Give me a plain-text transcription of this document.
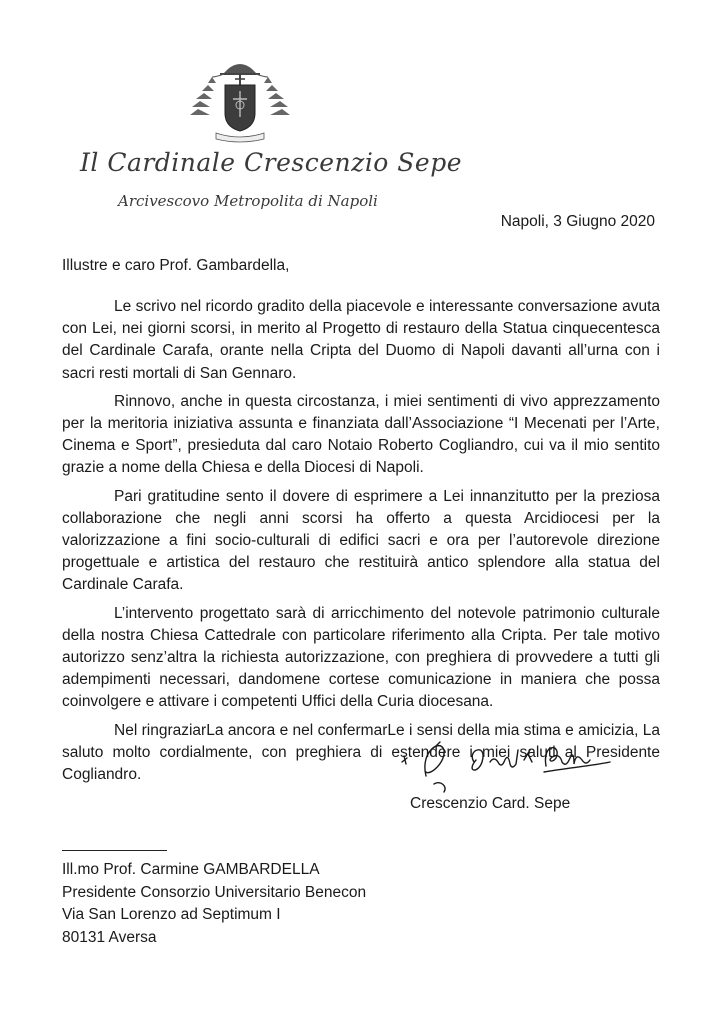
Il Cardinale Crescenzio Sepe
Arcivescovo Metropolita di Napoli
Napoli, 3 Giugno 2020
Illustre e caro Prof. Gambardella,

Le scrivo nel ricordo gradito della piacevole e interessante conversazione avuta con Lei, nei giorni scorsi, in merito al Progetto di restauro della Statua cinquecentesca del Cardinale Carafa, orante nella Cripta del Duomo di Napoli davanti all’urna con i sacri resti mortali di San Gennaro.

Rinnovo, anche in questa circostanza, i miei sentimenti di vivo apprezzamento per la meritoria iniziativa assunta e finanziata dall’Associazione “I Mecenati per l’Arte, Cinema e Sport”, presieduta dal caro Notaio Roberto Cogliandro, cui va il mio sentito grazie a nome della Chiesa e della Diocesi di Napoli.

Pari gratitudine sento il dovere di esprimere a Lei innanzitutto per la preziosa collaborazione che negli anni scorsi ha offerto a questa Arcidiocesi per la valorizzazione a fini socio-culturali di edifici sacri e ora per l’autorevole direzione progettuale e artistica del restauro che restituirà antico splendore alla statua del Cardinale Carafa.

L’intervento progettato sarà di arricchimento del notevole patrimonio culturale della nostra Chiesa Cattedrale con particolare riferimento alla Cripta. Per tale motivo autorizzo senz’altra la richiesta autorizzazione, con preghiera di provvedere a tutti gli adempimenti necessari, dandomene cortese comunicazione in maniera che possa coinvolgere e attivare i competenti Uffici della Curia diocesana.

Nel ringraziarLa ancora e nel confermarLe i sensi della mia stima e amicizia, La saluto molto cordialmente, con preghiera di estendere i miei saluti al Presidente Cogliandro.

Crescenzio Card. Sepe
Ill.mo Prof. Carmine GAMBARDELLA
Presidente Consorzio Universitario Benecon
Via San Lorenzo ad Septimum I
80131 Aversa
